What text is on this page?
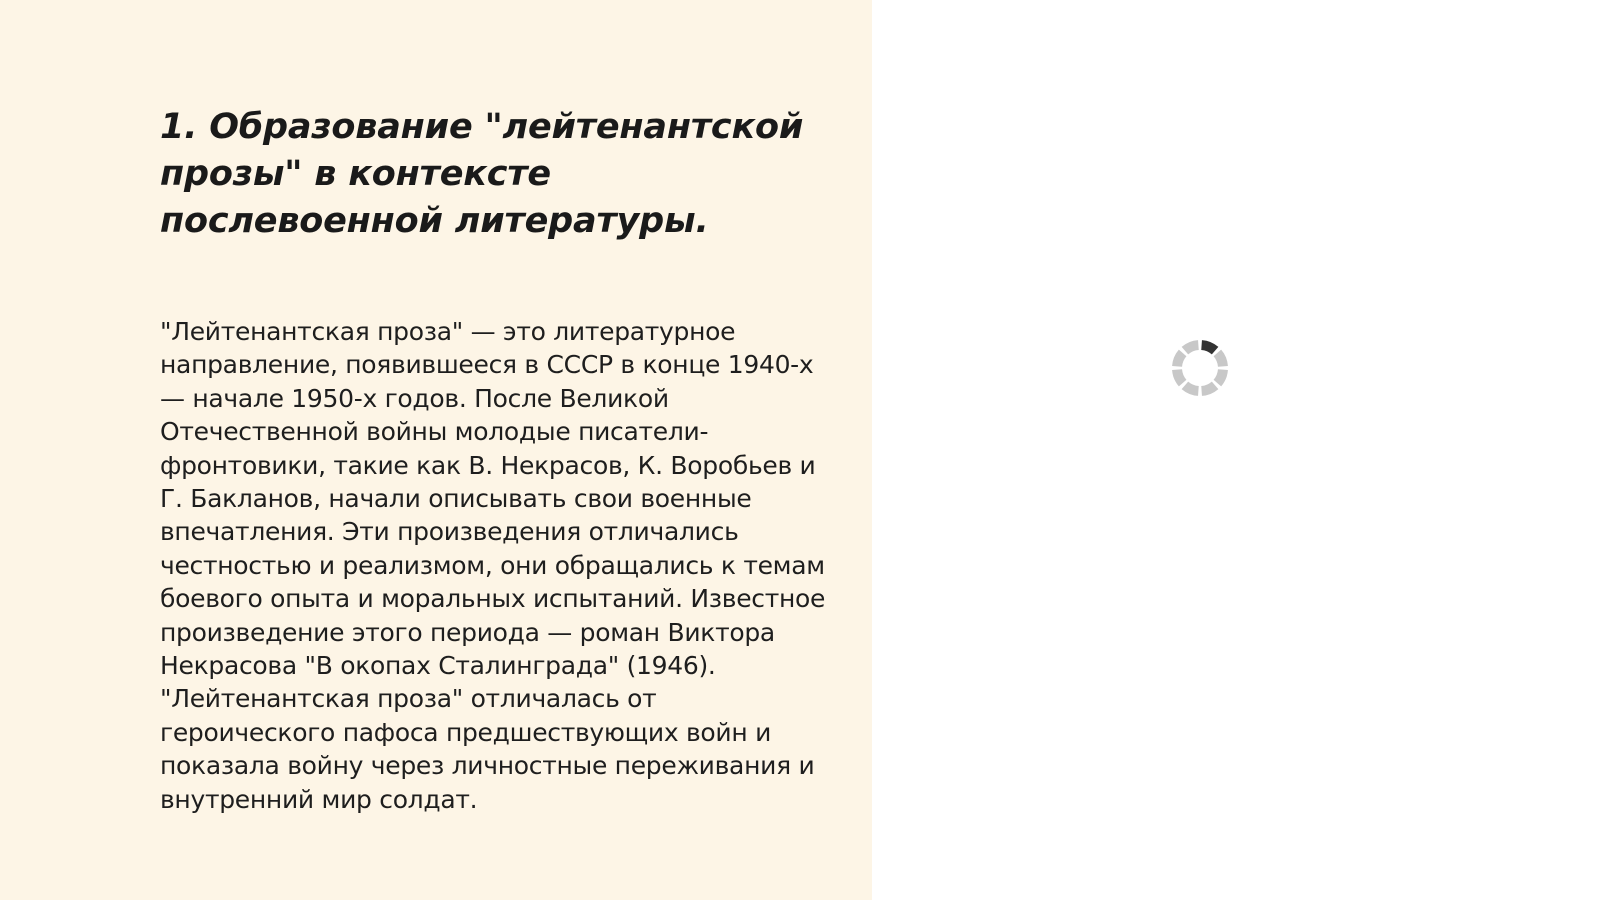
1. Образование "лейтенантской прозы" в контексте послевоенной литературы.

"Лейтенантская проза" — это литературное направление, появившееся в СССР в конце 1940-х — начале 1950-х годов. После Великой Отечественной войны молодые писатели-фронтовики, такие как В. Некрасов, К. Воробьев и Г. Бакланов, начали описывать свои военные впечатления. Эти произведения отличались честностью и реализмом, они обращались к темам боевого опыта и моральных испытаний. Известное произведение этого периода — роман Виктора Некрасова "В окопах Сталинграда" (1946). "Лейтенантская проза" отличалась от героического пафоса предшествующих войн и показала войну через личностные переживания и внутренний мир солдат.
